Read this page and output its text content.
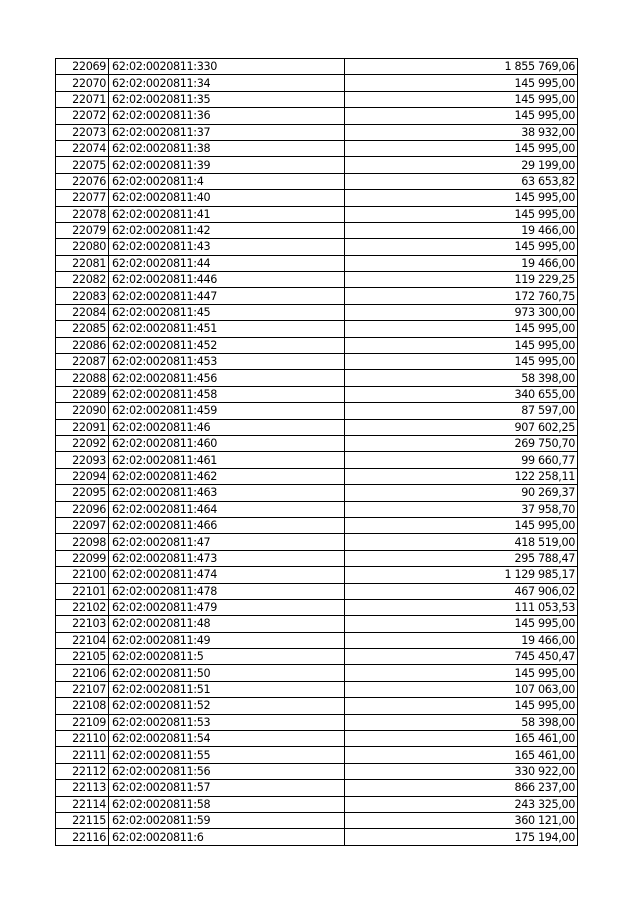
22069	62:02:0020811:330	1 855 769,06
22070	62:02:0020811:34	145 995,00
22071	62:02:0020811:35	145 995,00
22072	62:02:0020811:36	145 995,00
22073	62:02:0020811:37	38 932,00
22074	62:02:0020811:38	145 995,00
22075	62:02:0020811:39	29 199,00
22076	62:02:0020811:4	63 653,82
22077	62:02:0020811:40	145 995,00
22078	62:02:0020811:41	145 995,00
22079	62:02:0020811:42	19 466,00
22080	62:02:0020811:43	145 995,00
22081	62:02:0020811:44	19 466,00
22082	62:02:0020811:446	119 229,25
22083	62:02:0020811:447	172 760,75
22084	62:02:0020811:45	973 300,00
22085	62:02:0020811:451	145 995,00
22086	62:02:0020811:452	145 995,00
22087	62:02:0020811:453	145 995,00
22088	62:02:0020811:456	58 398,00
22089	62:02:0020811:458	340 655,00
22090	62:02:0020811:459	87 597,00
22091	62:02:0020811:46	907 602,25
22092	62:02:0020811:460	269 750,70
22093	62:02:0020811:461	99 660,77
22094	62:02:0020811:462	122 258,11
22095	62:02:0020811:463	90 269,37
22096	62:02:0020811:464	37 958,70
22097	62:02:0020811:466	145 995,00
22098	62:02:0020811:47	418 519,00
22099	62:02:0020811:473	295 788,47
22100	62:02:0020811:474	1 129 985,17
22101	62:02:0020811:478	467 906,02
22102	62:02:0020811:479	111 053,53
22103	62:02:0020811:48	145 995,00
22104	62:02:0020811:49	19 466,00
22105	62:02:0020811:5	745 450,47
22106	62:02:0020811:50	145 995,00
22107	62:02:0020811:51	107 063,00
22108	62:02:0020811:52	145 995,00
22109	62:02:0020811:53	58 398,00
22110	62:02:0020811:54	165 461,00
22111	62:02:0020811:55	165 461,00
22112	62:02:0020811:56	330 922,00
22113	62:02:0020811:57	866 237,00
22114	62:02:0020811:58	243 325,00
22115	62:02:0020811:59	360 121,00
22116	62:02:0020811:6	175 194,00
